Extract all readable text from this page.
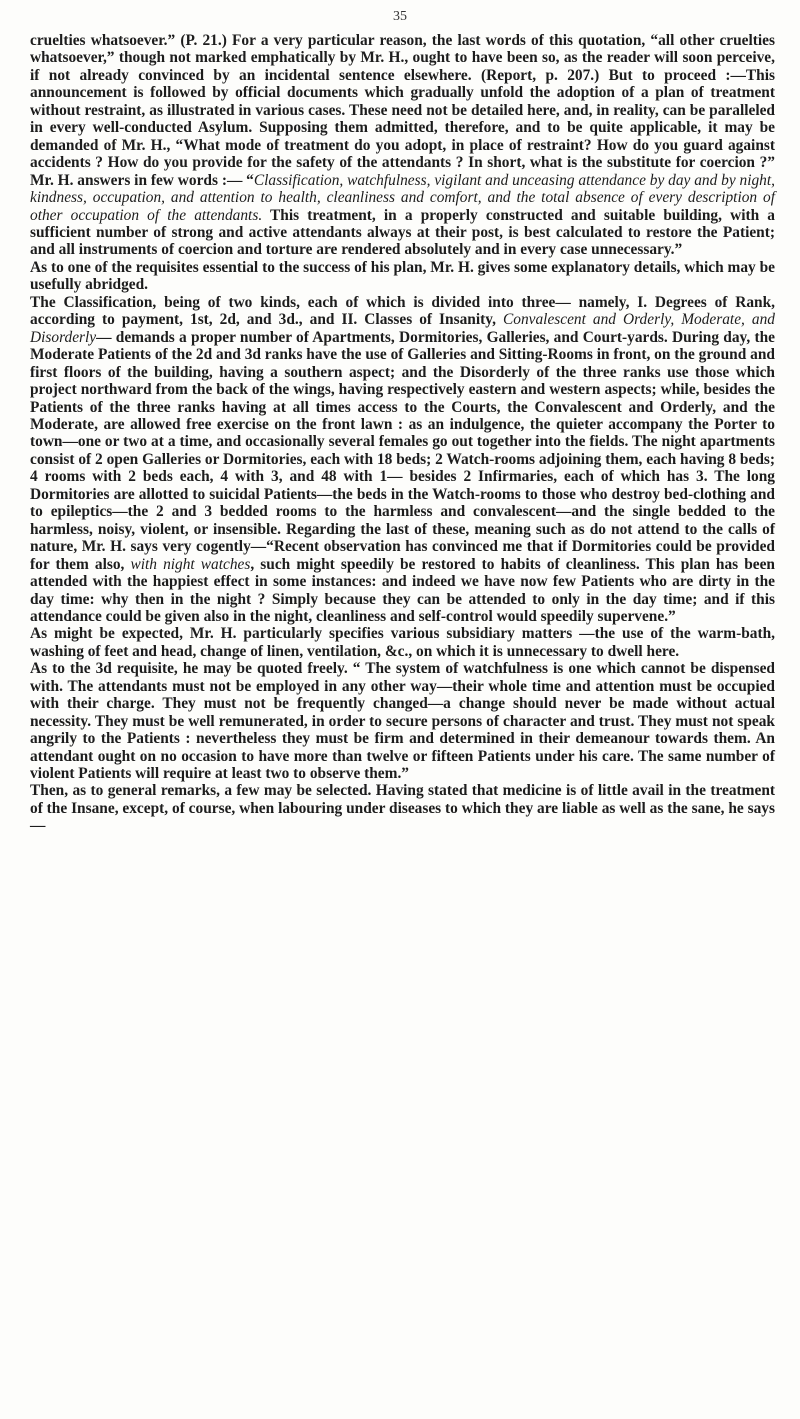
35

cruelties whatsoever.” (P. 21.) For a very particular reason, the last words of this quotation, “all other cruelties whatsoever,” though not marked emphatically by Mr. H., ought to have been so, as the reader will soon perceive, if not already convinced by an incidental sentence elsewhere. (Report, p. 207.) But to proceed :—This announcement is followed by official documents which gradually unfold the adoption of a plan of treatment without restraint, as illustrated in various cases. These need not be detailed here, and, in reality, can be paralleled in every well-conducted Asylum. Supposing them admitted, therefore, and to be quite applicable, it may be demanded of Mr. H., “What mode of treatment do you adopt, in place of restraint? How do you guard against accidents ? How do you provide for the safety of the attendants ? In short, what is the substitute for coercion ?” Mr. H. answers in few words :— “Classification, watchfulness, vigilant and unceasing attendance by day and by night, kindness, occupation, and attention to health, cleanliness and comfort, and the total absence of every description of other occupation of the attendants. This treatment, in a properly constructed and suitable building, with a sufficient number of strong and active attendants always at their post, is best calculated to restore the Patient; and all instruments of coercion and torture are rendered absolutely and in every case unnecessary.”

As to one of the requisites essential to the success of his plan, Mr. H. gives some explanatory details, which may be usefully abridged.

The Classification, being of two kinds, each of which is divided into three— namely, I. Degrees of Rank, according to payment, 1st, 2d, and 3d., and II. Classes of Insanity, Convalescent and Orderly, Moderate, and Disorderly— demands a proper number of Apartments, Dormitories, Galleries, and Court-yards. During day, the Moderate Patients of the 2d and 3d ranks have the use of Galleries and Sitting-Rooms in front, on the ground and first floors of the building, having a southern aspect; and the Disorderly of the three ranks use those which project northward from the back of the wings, having respectively eastern and western aspects; while, besides the Patients of the three ranks having at all times access to the Courts, the Convalescent and Orderly, and the Moderate, are allowed free exercise on the front lawn : as an indulgence, the quieter accompany the Porter to town—one or two at a time, and occasionally several females go out together into the fields. The night apartments consist of 2 open Galleries or Dormitories, each with 18 beds; 2 Watch-rooms adjoining them, each having 8 beds; 4 rooms with 2 beds each, 4 with 3, and 48 with 1— besides 2 Infirmaries, each of which has 3. The long Dormitories are allotted to suicidal Patients—the beds in the Watch-rooms to those who destroy bed-clothing and to epileptics—the 2 and 3 bedded rooms to the harmless and convalescent—and the single bedded to the harmless, noisy, violent, or insensible. Regarding the last of these, meaning such as do not attend to the calls of nature, Mr. H. says very cogently—“Recent observation has convinced me that if Dormitories could be provided for them also, with night watches, such might speedily be restored to habits of cleanliness. This plan has been attended with the happiest effect in some instances: and indeed we have now few Patients who are dirty in the day time: why then in the night ? Simply because they can be attended to only in the day time; and if this attendance could be given also in the night, cleanliness and self-control would speedily supervene.”

As might be expected, Mr. H. particularly specifies various subsidiary matters —the use of the warm-bath, washing of feet and head, change of linen, ventilation, &c., on which it is unnecessary to dwell here.

As to the 3d requisite, he may be quoted freely. “ The system of watchfulness is one which cannot be dispensed with. The attendants must not be employed in any other way—their whole time and attention must be occupied with their charge. They must not be frequently changed—a change should never be made without actual necessity. They must be well remunerated, in order to secure persons of character and trust. They must not speak angrily to the Patients : nevertheless they must be firm and determined in their demeanour towards them. An attendant ought on no occasion to have more than twelve or fifteen Patients under his care. The same number of violent Patients will require at least two to observe them.”

Then, as to general remarks, a few may be selected. Having stated that medicine is of little avail in the treatment of the Insane, except, of course, when labouring under diseases to which they are liable as well as the sane, he says—
